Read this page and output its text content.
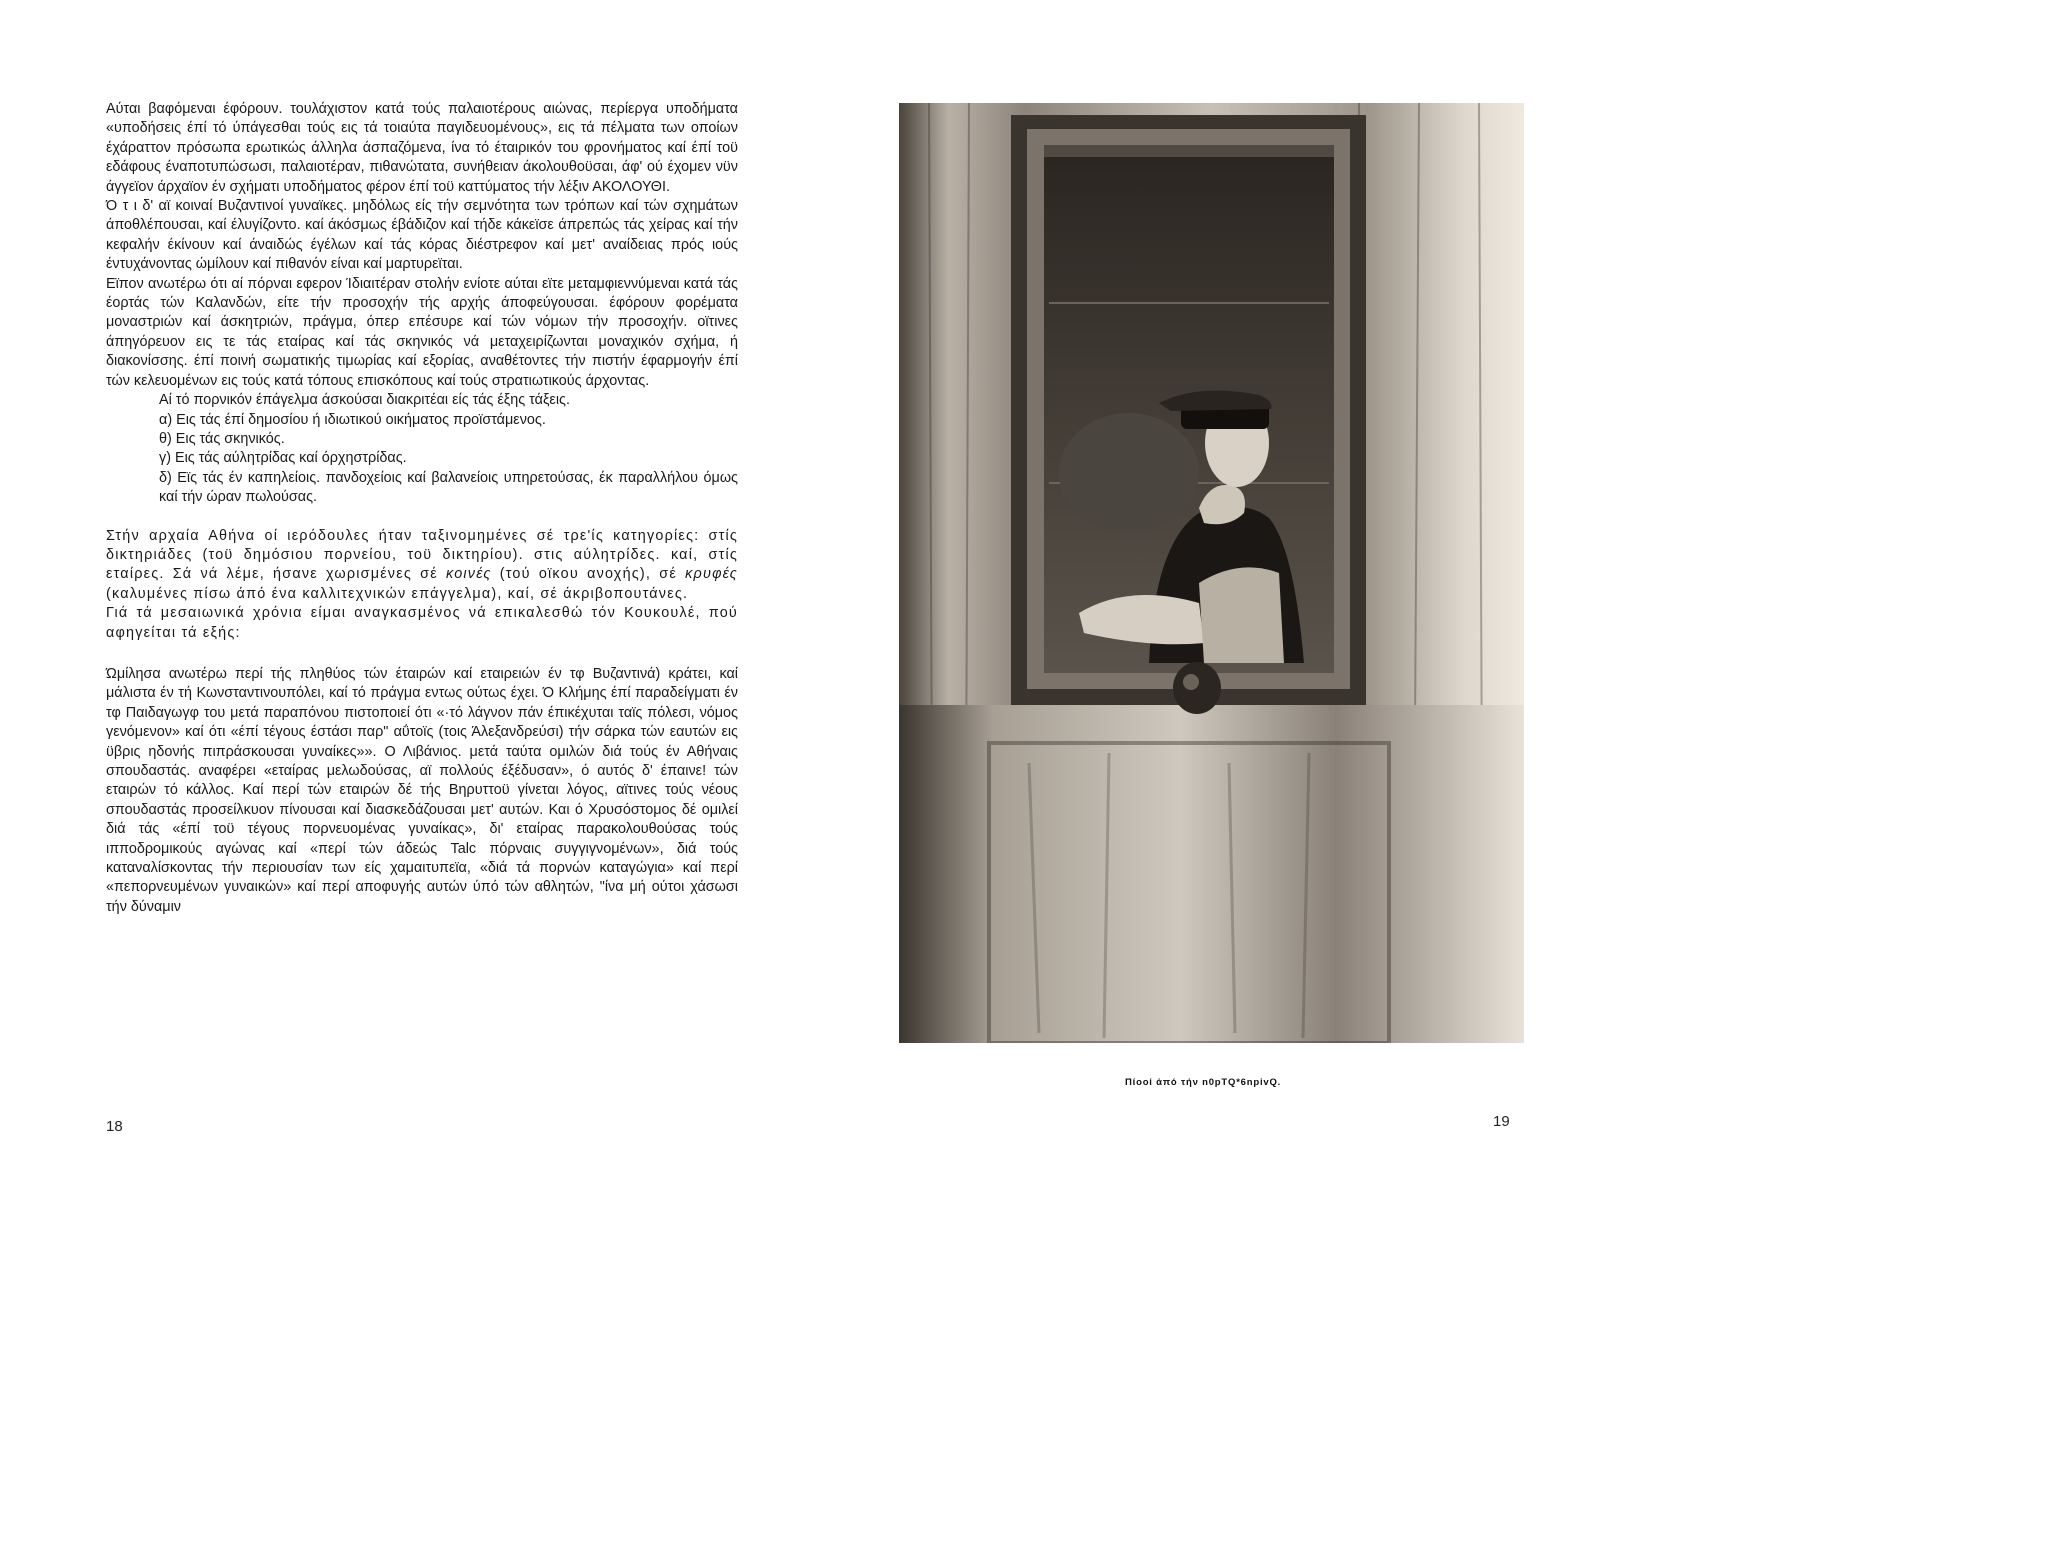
Αύται βαφόμεναι έφόρουν. τουλάχιστον κατά τούς παλαιοτέρους αιώνας, περίεργα υποδήματα «υποδήσεις έπί τό ύπάγεσθαι τούς εις τά τοιαύτα παγιδευομένους», εις τά πέλματα των οποίων έχάραττον πρόσωπα ερωτικώς άλληλα άσπαζόμενα, ίνα τό έταιρικόν του φρονήματος καί έπί τοϋ εδάφους έναποτυπώσωσι, παλαιοτέραν, πιθανώτατα, συνήθειαν άκολουθοϋσαι, άφ' ού έχομεν νϋν άγγεϊον άρχαϊον έν σχήματι υποδήματος φέρον έπί τοϋ καττύματος τήν λέξιν ΑΚΟΛΟΥΘΙ.

Ό τ ι δ' αϊ κοιναί Βυζαντινοί γυναϊκες. μηδόλως είς τήν σεμνότητα των τρόπων καί τών σχημάτων άποθλέπουσαι, καί έλυγίζοντο. καί άκόσμως έβάδιζον καί τήδε κάκεϊσε άπρεπώς τάς χείρας καί τήν κεφαλήν έκίνουν καί άναιδώς έγέλων καί τάς κόρας διέστρεφον καί μετ' αναίδειας πρός ιούς έντυχάνοντας ώμίλουν καί πιθανόν είναι καί μαρτυρεϊται.

Εϊπον ανωτέρω ότι αί πόρναι εφερον Ίδιαιτέραν στολήν ενίοτε αύται εϊτε μεταμφιεννύμεναι κατά τάς έορτάς τών Καλανδών, είτε τήν προσοχήν τής αρχής άποφεύγουσαι. έφόρουν φορέματα μοναστριών καί άσκητριών, πράγμα, όπερ επέσυρε καί τών νόμων τήν προσοχήν. οϊτινες άπηγόρευον εις τε τάς εταίρας καί τάς σκηνικός νά μεταχειρίζωνται μοναχικόν σχήμα, ή διακονίσσης. έπί ποινή σωματικής τιμωρίας καί εξορίας, αναθέτοντες τήν πιστήν έφαρμογήν έπί τών κελευομένων εις τούς κατά τόπους επισκόπους καί τούς στρατιωτικούς άρχοντας.

Αί τό πορνικόν έπάγελμα άσκούσαι διακριτέαι είς τάς έξης τάξεις.

α) Εις τάς έπί δημοσίου ή ιδιωτικού οικήματος προϊστάμενος.

θ) Εις τάς σκηνικός.

γ) Εις τάς αύλητρίδας καί όρχηστρίδας.

δ) Εϊς τάς έν καπηλείοις. πανδοχείοις καί βαλανείοις υπηρετούσας, έκ παραλλήλου όμως καί τήν ώραν πωλούσας.

Στήν αρχαία Αθήνα οί ιερόδουλες ήταν ταξινομημένες σέ τρε'ίς κατηγορίες: στίς δικτηριάδες (τοϋ δημόσιου πορνείου, τοϋ δικτηρίου). στις αύλητρίδες. καί, στίς εταίρες. Σά νά λέμε, ήσανε χωρισμένες σέ κοινές (τού οϊκου ανοχής), σέ κρυφές (καλυμένες πίσω άπό ένα καλλιτεχνικών επάγγελμα), καί, σέ άκριβοπουτάνες.

Γιά τά μεσαιωνικά χρόνια είμαι αναγκασμένος νά επικαλεσθώ τόν Κουκουλέ, πού αφηγείται τά εξής:

Ώμίλησα ανωτέρω περί τής πληθύος τών έταιρών καί εταιρειών έν τφ Βυζαντινά) κράτει, καί μάλιστα έν τή Κωνσταντινουπόλει, καί τό πράγμα εντως ούτως έχει. Ό Κλήμης έπί παραδείγματι έν τφ Παιδαγωγφ του μετά παραπόνου πιστοποιεί ότι «·τό λάγνον πάν έπικέχυται ταϊς πόλεσι, νόμος γενόμενον» καί ότι «έπί τέγους έστάσι παρ" αΰτοϊς (τοις Άλεξανδρεύσι) τήν σάρκα τών εαυτών εις ϋβρις ηδονής πιπράσκουσαι γυναίκες»». Ο Λιβάνιος. μετά ταύτα ομιλών διά τούς έν Αθήναις σπουδαστάς. αναφέρει «εταίρας μελωδούσας, αϊ πολλούς έξέδυσαν», ό αυτός δ' έπαινε! τών εταιρών τό κάλλος. Καί περί τών εταιρών δέ τής Βηρυττοϋ γίνεται λόγος, αϊτινες τούς νέους σπουδαστάς προσείλκυον πίνουσαι καί διασκεδάζουσαι μετ' αυτών. Και ό Χρυσόστομος δέ ομιλεί διά τάς «έπί τοϋ τέγους πορνευομένας γυναίκας», δι' εταίρας παρακολουθούσας τούς ιπποδρομικούς αγώνας καί «περί τών άδεώς Talc πόρναις συγγιγνομένων», διά τούς καταναλίσκοντας τήν περιουσίαν των είς χαμαιτυπεϊα, «διά τά πορνών καταγώγια» καί περί «πεπορνευμένων γυναικών» καί περί αποφυγής αυτών ύπό τών αθλητών, "ίνα μή ούτοι χάσωσι τήν δύναμιν

18
Πίοοί άπό τήν n0pTQ*6npivQ.
19
